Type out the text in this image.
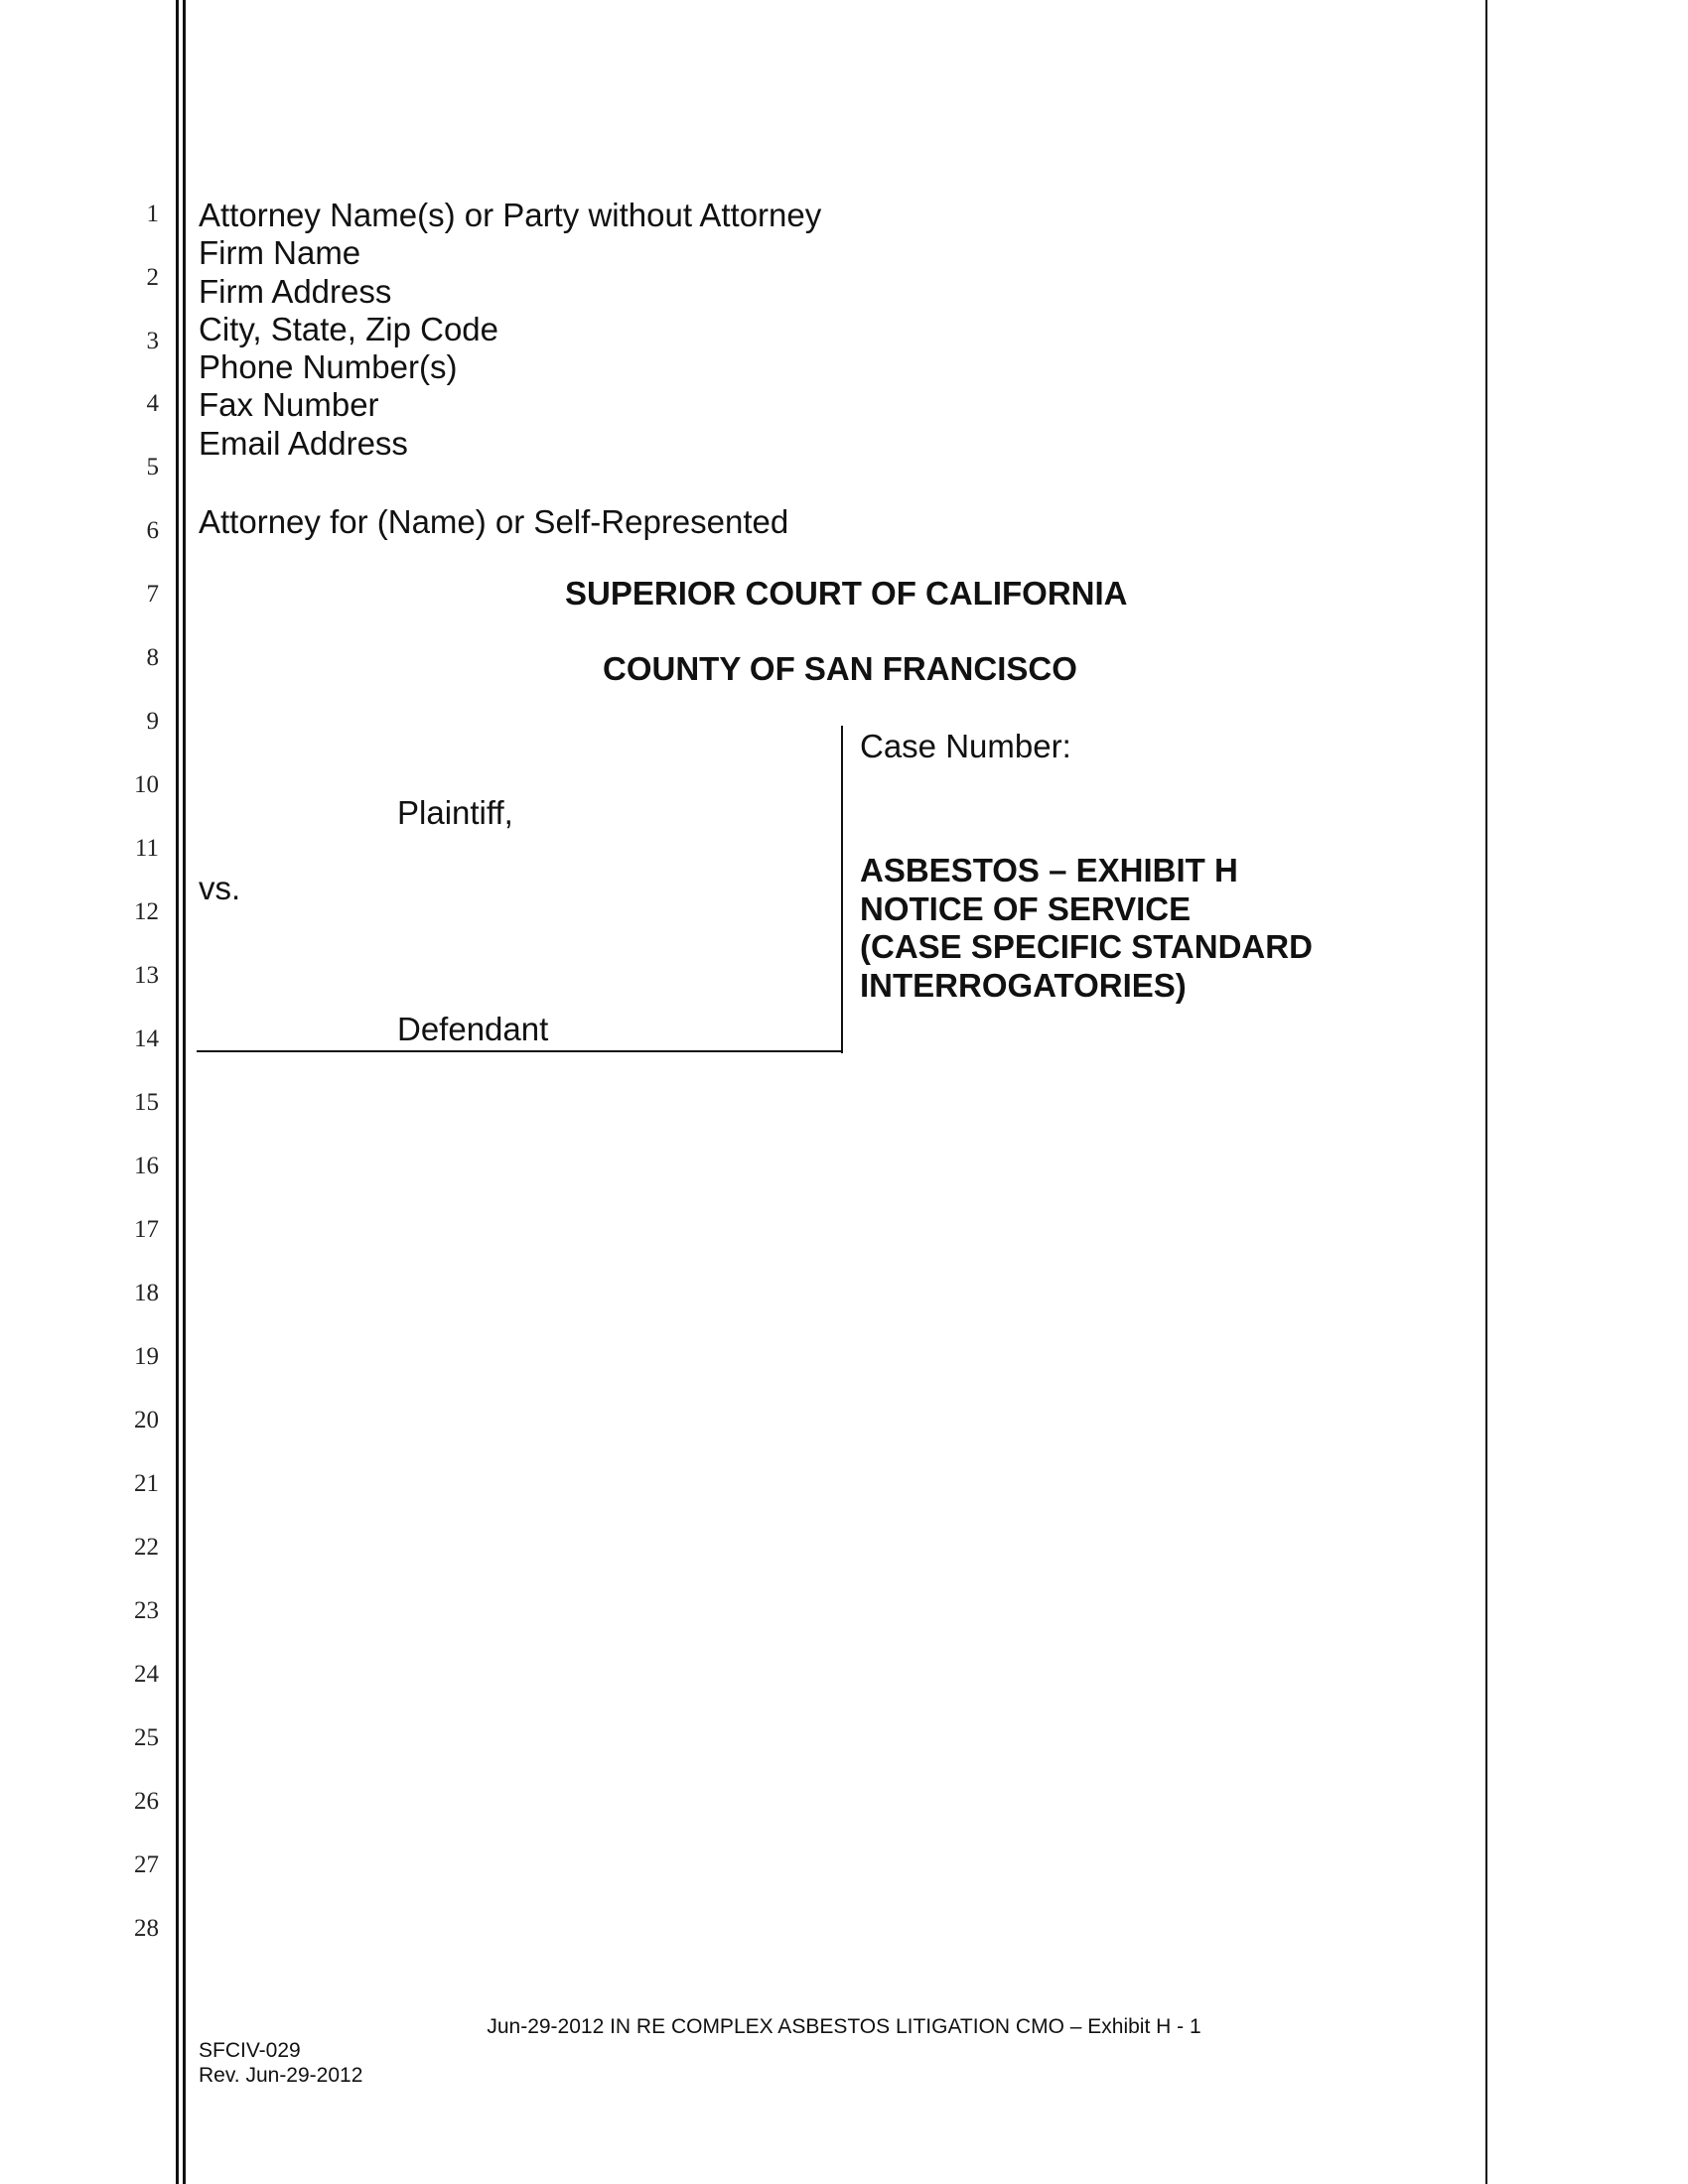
1
2
3
4
5
6
7
8
9
10
11
12
13
14
15
16
17
18
19
20
21
22
23
24
25
26
27
28
Attorney Name(s) or Party without Attorney
Firm Name
Firm Address
City, State, Zip Code
Phone Number(s)
Fax Number
Email Address
Attorney for (Name) or Self-Represented
SUPERIOR COURT OF CALIFORNIA
COUNTY OF SAN FRANCISCO
Plaintiff,
vs.
Defendant
Case Number:
ASBESTOS – EXHIBIT H
NOTICE OF SERVICE
(CASE SPECIFIC STANDARD
INTERROGATORIES)
Jun-29-2012 IN RE COMPLEX ASBESTOS LITIGATION CMO – Exhibit H - 1
SFCIV-029
Rev. Jun-29-2012
